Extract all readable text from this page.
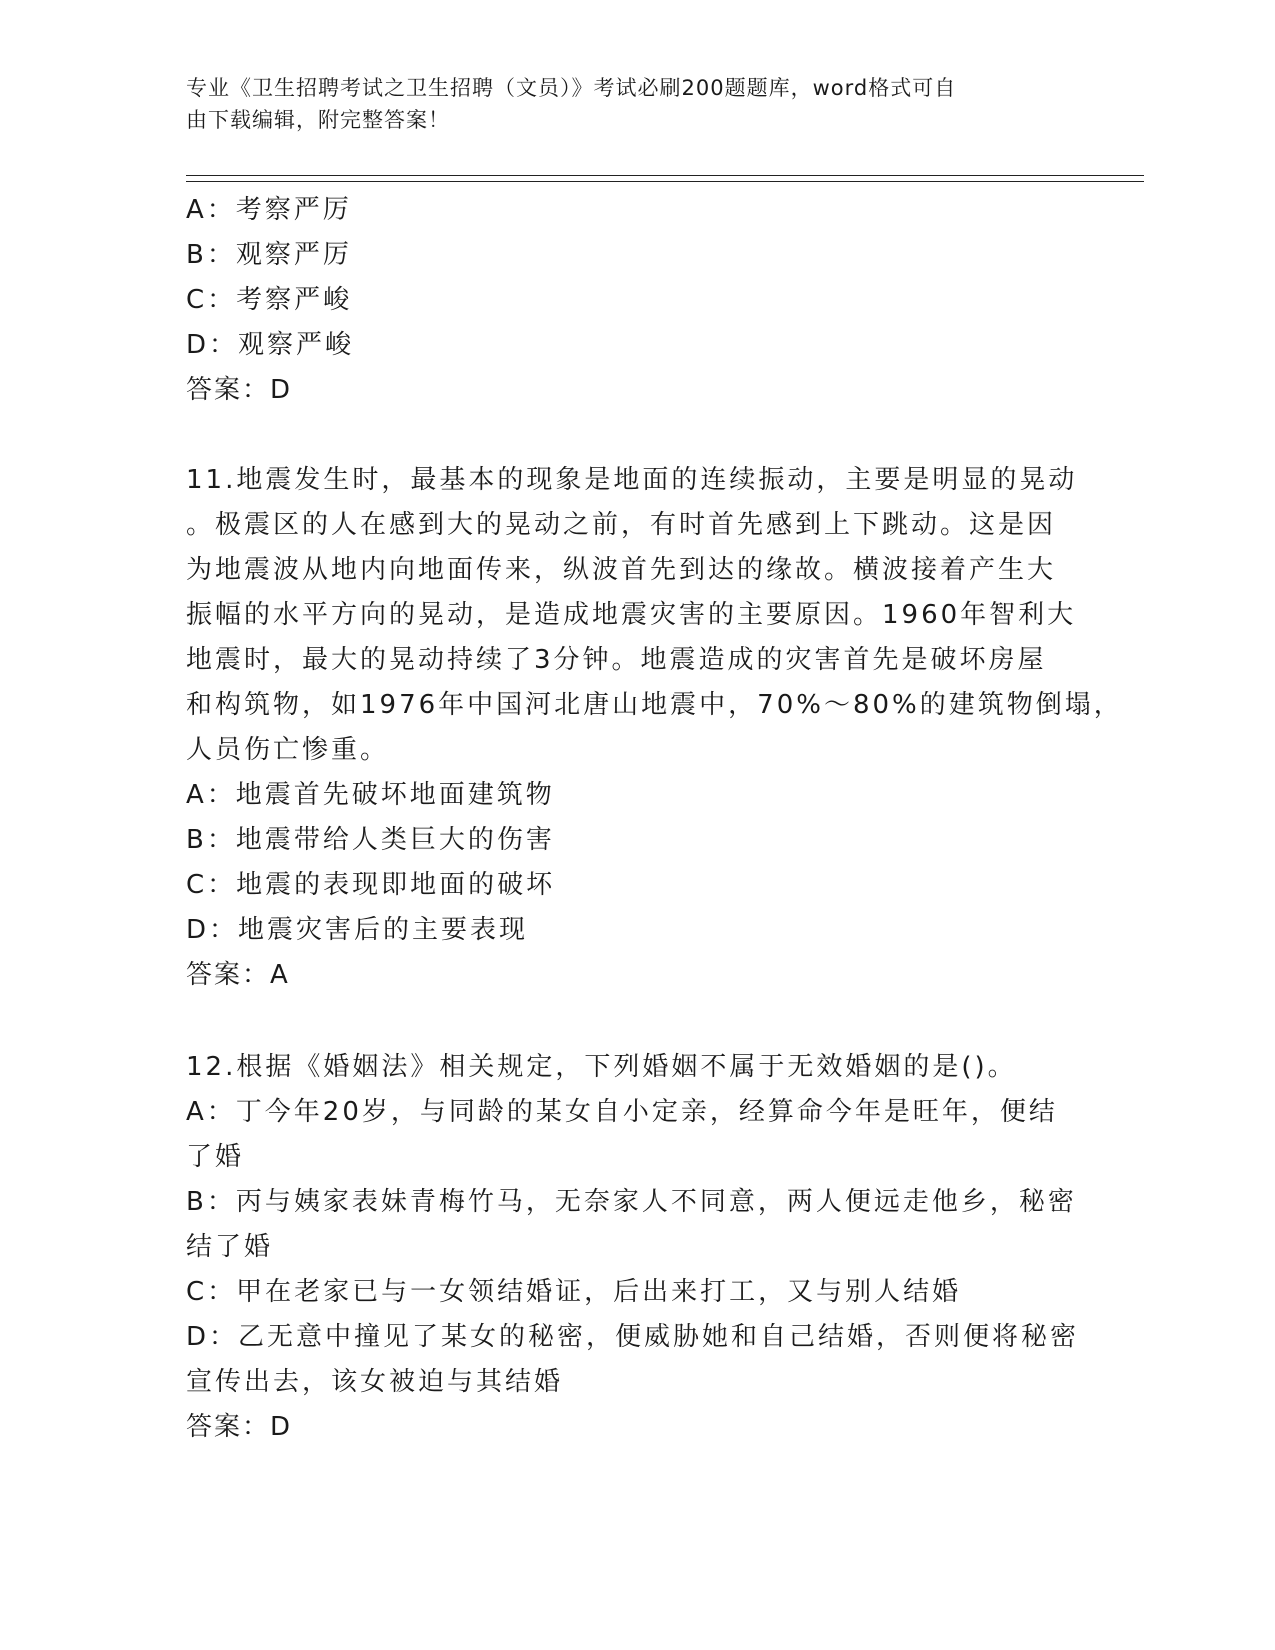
专业《卫生招聘考试之卫生招聘（文员）》考试必刷200题题库，word格式可自
由下载编辑，附完整答案！
A：考察严厉
B：观察严厉
C：考察严峻
D：观察严峻
答案：D
11.地震发生时，最基本的现象是地面的连续振动，主要是明显的晃动
。极震区的人在感到大的晃动之前，有时首先感到上下跳动。这是因
为地震波从地内向地面传来，纵波首先到达的缘故。横波接着产生大
振幅的水平方向的晃动，是造成地震灾害的主要原因。1960年智利大
地震时，最大的晃动持续了3分钟。地震造成的灾害首先是破坏房屋
和构筑物，如1976年中国河北唐山地震中，70%～80%的建筑物倒塌，
人员伤亡惨重。
A：地震首先破坏地面建筑物
B：地震带给人类巨大的伤害
C：地震的表现即地面的破坏
D：地震灾害后的主要表现
答案：A
12.根据《婚姻法》相关规定，下列婚姻不属于无效婚姻的是()。
A：丁今年20岁，与同龄的某女自小定亲，经算命今年是旺年，便结
了婚
B：丙与姨家表妹青梅竹马，无奈家人不同意，两人便远走他乡，秘密
结了婚
C：甲在老家已与一女领结婚证，后出来打工，又与别人结婚
D：乙无意中撞见了某女的秘密，便威胁她和自己结婚，否则便将秘密
宣传出去，该女被迫与其结婚
答案：D
